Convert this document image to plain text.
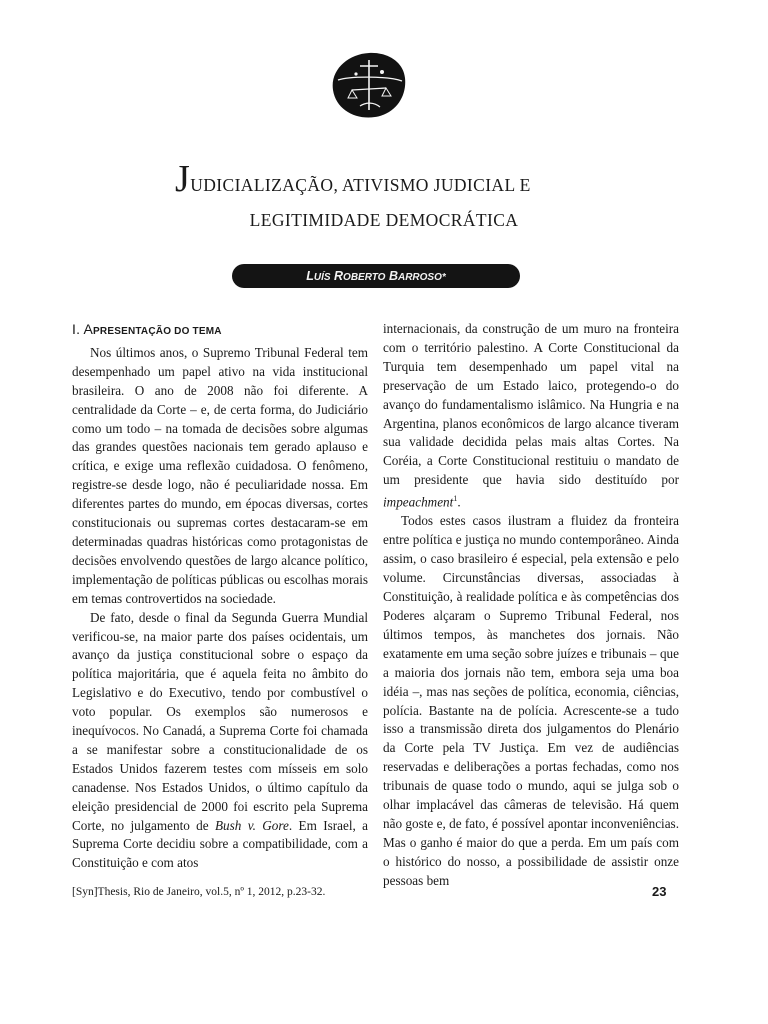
JUDICIALIZAÇÃO, ATIVISMO JUDICIAL E
LEGITIMIDADE DEMOCRÁTICA
LUÍS ROBERTO BARROSO*
I. APRESENTAÇÃO DO TEMA

Nos últimos anos, o Supremo Tribunal Federal tem desempenhado um papel ativo na vida institucional brasileira. O ano de 2008 não foi diferente. A centralidade da Corte – e, de certa forma, do Judiciário como um todo – na tomada de decisões sobre algumas das grandes questões nacionais tem gerado aplauso e crítica, e exige uma reflexão cuidadosa. O fenômeno, registre-se desde logo, não é peculiaridade nossa. Em diferentes partes do mundo, em épocas diversas, cortes constitucionais ou supremas cortes destacaram-se em determinadas quadras históricas como protagonistas de decisões envolvendo questões de largo alcance político, implementação de políticas públicas ou escolhas morais em temas controvertidos na sociedade.

De fato, desde o final da Segunda Guerra Mundial verificou-se, na maior parte dos países ocidentais, um avanço da justiça constitucional sobre o espaço da política majoritária, que é aquela feita no âmbito do Legislativo e do Executivo, tendo por combustível o voto popular. Os exemplos são numerosos e inequívocos. No Canadá, a Suprema Corte foi chamada a se manifestar sobre a constitucionalidade de os Estados Unidos fazerem testes com mísseis em solo canadense. Nos Estados Unidos, o último capítulo da eleição presidencial de 2000 foi escrito pela Suprema Corte, no julgamento de Bush v. Gore. Em Israel, a Suprema Corte decidiu sobre a compatibilidade, com a Constituição e com atos

internacionais, da construção de um muro na fronteira com o território palestino. A Corte Constitucional da Turquia tem desempenhado um papel vital na preservação de um Estado laico, protegendo-o do avanço do fundamentalismo islâmico. Na Hungria e na Argentina, planos econômicos de largo alcance tiveram sua validade decidida pelas mais altas Cortes. Na Coréia, a Corte Constitucional restituiu o mandato de um presidente que havia sido destituído por impeachment$^1$.

Todos estes casos ilustram a fluidez da fronteira entre política e justiça no mundo contemporâneo. Ainda assim, o caso brasileiro é especial, pela extensão e pelo volume. Circunstâncias diversas, associadas à Constituição, à realidade política e às competências dos Poderes alçaram o Supremo Tribunal Federal, nos últimos tempos, às manchetes dos jornais. Não exatamente em uma seção sobre juízes e tribunais – que a maioria dos jornais não tem, embora seja uma boa idéia –, mas nas seções de política, economia, ciências, polícia. Bastante na de polícia. Acrescente-se a tudo isso a transmissão direta dos julgamentos do Plenário da Corte pela TV Justiça. Em vez de audiências reservadas e deliberações a portas fechadas, como nos tribunais de quase todo o mundo, aqui se julga sob o olhar implacável das câmeras de televisão. Há quem não goste e, de fato, é possível apontar inconveniências. Mas o ganho é maior do que a perda. Em um país com o histórico do nosso, a possibilidade de assistir onze pessoas bem

[Syn]Thesis, Rio de Janeiro, vol.5, nº 1, 2012, p.23-32.	23
